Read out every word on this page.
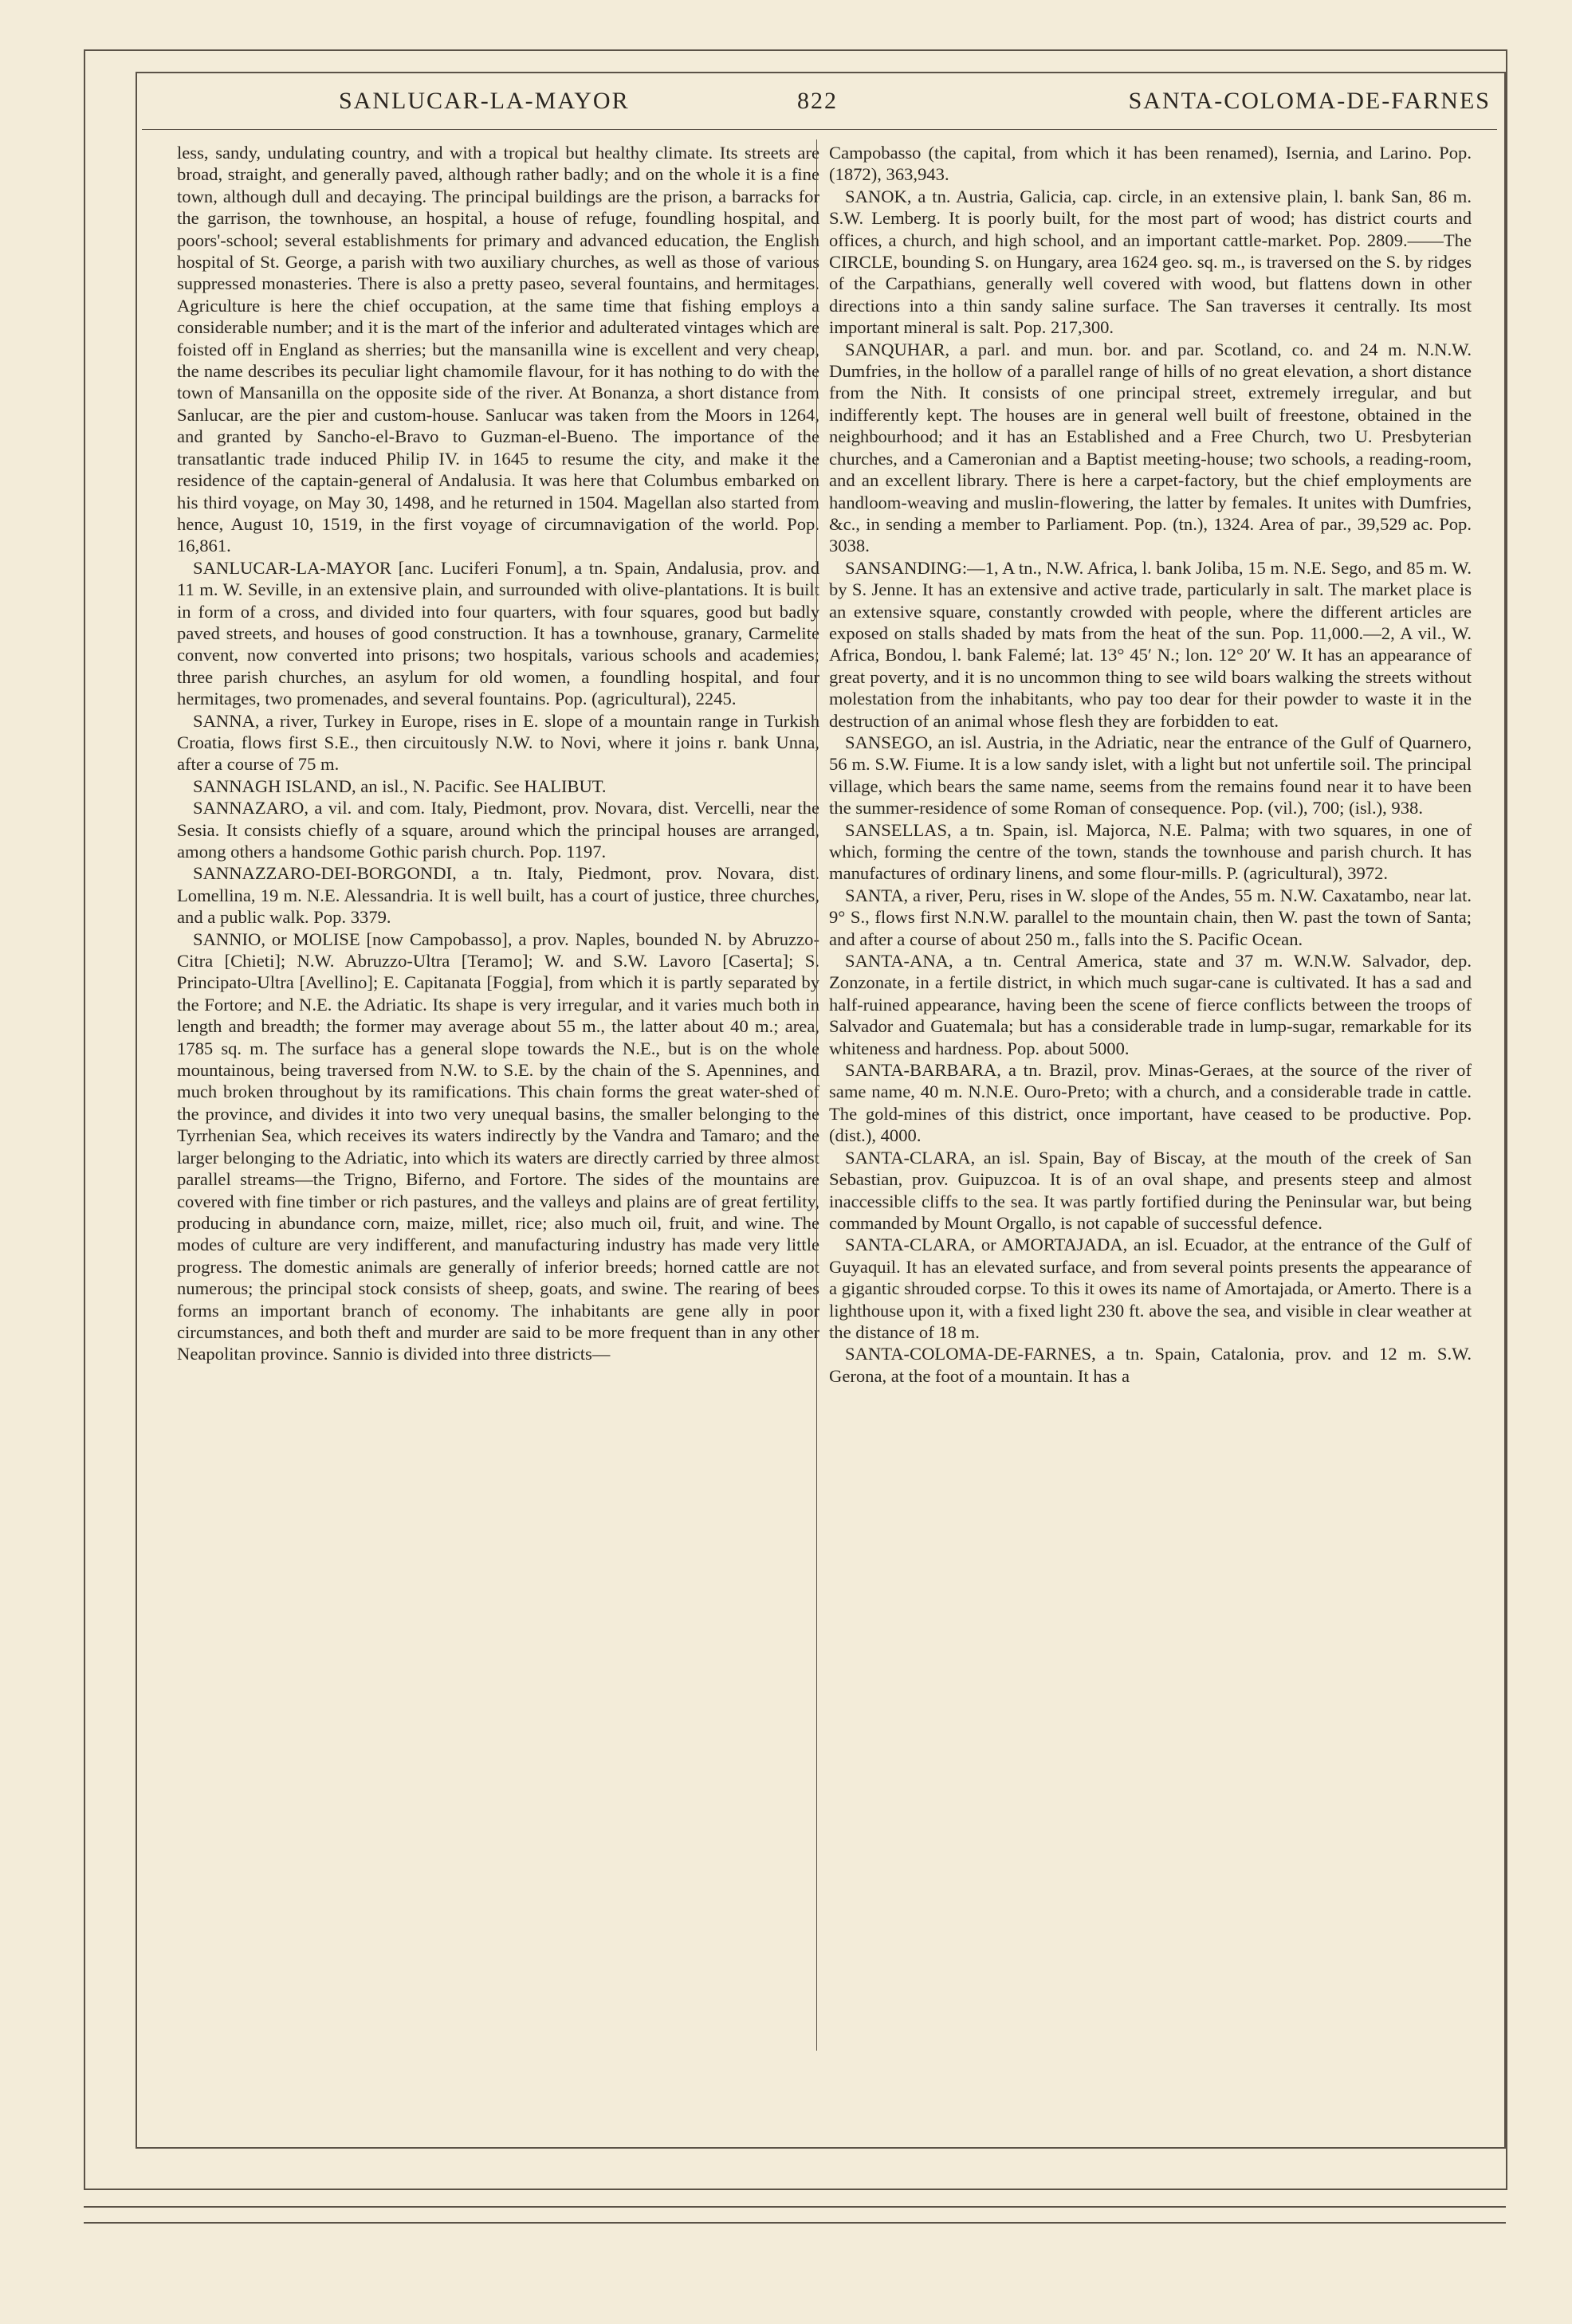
SANLUCAR-LA-MAYOR	822	SANTA-COLOMA-DE-FARNES

less, sandy, undulating country, and with a tropical but healthy climate. Its streets are broad, straight, and generally paved, although rather badly; and on the whole it is a fine town, although dull and decaying. The principal buildings are the prison, a barracks for the garrison, the townhouse, an hospital, a house of refuge, foundling hospital, and poors'-school; several establishments for primary and advanced education, the English hospital of St. George, a parish with two auxiliary churches, as well as those of various suppressed monasteries. There is also a pretty paseo, several fountains, and hermitages. Agriculture is here the chief occupation, at the same time that fishing employs a considerable number; and it is the mart of the inferior and adulterated vintages which are foisted off in England as sherries; but the mansanilla wine is excellent and very cheap, the name describes its peculiar light chamomile flavour, for it has nothing to do with the town of Mansanilla on the opposite side of the river. At Bonanza, a short distance from Sanlucar, are the pier and custom-house. Sanlucar was taken from the Moors in 1264, and granted by Sancho-el-Bravo to Guzman-el-Bueno. The importance of the transatlantic trade induced Philip IV. in 1645 to resume the city, and make it the residence of the captain-general of Andalusia. It was here that Columbus embarked on his third voyage, on May 30, 1498, and he returned in 1504. Magellan also started from hence, August 10, 1519, in the first voyage of circumnavigation of the world. Pop. 16,861.

SANLUCAR-LA-MAYOR [anc. Luciferi Fonum], a tn. Spain, Andalusia, prov. and 11 m. W. Seville, in an extensive plain, and surrounded with olive-plantations. It is built in form of a cross, and divided into four quarters, with four squares, good but badly paved streets, and houses of good construction. It has a townhouse, granary, Carmelite convent, now converted into prisons; two hospitals, various schools and academies; three parish churches, an asylum for old women, a foundling hospital, and four hermitages, two promenades, and several fountains. Pop. (agricultural), 2245.

SANNA, a river, Turkey in Europe, rises in E. slope of a mountain range in Turkish Croatia, flows first S.E., then circuitously N.W. to Novi, where it joins r. bank Unna, after a course of 75 m.

SANNAGH ISLAND, an isl., N. Pacific. See HALIBUT.

SANNAZARO, a vil. and com. Italy, Piedmont, prov. Novara, dist. Vercelli, near the Sesia. It consists chiefly of a square, around which the principal houses are arranged, among others a handsome Gothic parish church. Pop. 1197.

SANNAZZARO-DEI-BORGONDI, a tn. Italy, Piedmont, prov. Novara, dist. Lomellina, 19 m. N.E. Alessandria. It is well built, has a court of justice, three churches, and a public walk. Pop. 3379.

SANNIO, or MOLISE [now Campobasso], a prov. Naples, bounded N. by Abruzzo-Citra [Chieti]; N.W. Abruzzo-Ultra [Teramo]; W. and S.W. Lavoro [Caserta]; S. Principato-Ultra [Avellino]; E. Capitanata [Foggia], from which it is partly separated by the Fortore; and N.E. the Adriatic. Its shape is very irregular, and it varies much both in length and breadth; the former may average about 55 m., the latter about 40 m.; area, 1785 sq. m. The surface has a general slope towards the N.E., but is on the whole mountainous, being traversed from N.W. to S.E. by the chain of the S. Apennines, and much broken throughout by its ramifications. This chain forms the great water-shed of the province, and divides it into two very unequal basins, the smaller belonging to the Tyrrhenian Sea, which receives its waters indirectly by the Vandra and Tamaro; and the larger belonging to the Adriatic, into which its waters are directly carried by three almost parallel streams—the Trigno, Biferno, and Fortore. The sides of the mountains are covered with fine timber or rich pastures, and the valleys and plains are of great fertility, producing in abundance corn, maize, millet, rice; also much oil, fruit, and wine. The modes of culture are very indifferent, and manufacturing industry has made very little progress. The domestic animals are generally of inferior breeds; horned cattle are not numerous; the principal stock consists of sheep, goats, and swine. The rearing of bees forms an important branch of economy. The inhabitants are gene ally in poor circumstances, and both theft and murder are said to be more frequent than in any other Neapolitan province. Sannio is divided into three districts—

Campobasso (the capital, from which it has been renamed), Isernia, and Larino. Pop. (1872), 363,943.

SANOK, a tn. Austria, Galicia, cap. circle, in an extensive plain, l. bank San, 86 m. S.W. Lemberg. It is poorly built, for the most part of wood; has district courts and offices, a church, and high school, and an important cattle-market. Pop. 2809.——The CIRCLE, bounding S. on Hungary, area 1624 geo. sq. m., is traversed on the S. by ridges of the Carpathians, generally well covered with wood, but flattens down in other directions into a thin sandy saline surface. The San traverses it centrally. Its most important mineral is salt. Pop. 217,300.

SANQUHAR, a parl. and mun. bor. and par. Scotland, co. and 24 m. N.N.W. Dumfries, in the hollow of a parallel range of hills of no great elevation, a short distance from the Nith. It consists of one principal street, extremely irregular, and but indifferently kept. The houses are in general well built of freestone, obtained in the neighbourhood; and it has an Established and a Free Church, two U. Presbyterian churches, and a Cameronian and a Baptist meeting-house; two schools, a reading-room, and an excellent library. There is here a carpet-factory, but the chief employments are handloom-weaving and muslin-flowering, the latter by females. It unites with Dumfries, &c., in sending a member to Parliament. Pop. (tn.), 1324. Area of par., 39,529 ac. Pop. 3038.

SANSANDING:—1, A tn., N.W. Africa, l. bank Joliba, 15 m. N.E. Sego, and 85 m. W. by S. Jenne. It has an extensive and active trade, particularly in salt. The market place is an extensive square, constantly crowded with people, where the different articles are exposed on stalls shaded by mats from the heat of the sun. Pop. 11,000.—2, A vil., W. Africa, Bondou, l. bank Falemé; lat. 13° 45′ N.; lon. 12° 20′ W. It has an appearance of great poverty, and it is no uncommon thing to see wild boars walking the streets without molestation from the inhabitants, who pay too dear for their powder to waste it in the destruction of an animal whose flesh they are forbidden to eat.

SANSEGO, an isl. Austria, in the Adriatic, near the entrance of the Gulf of Quarnero, 56 m. S.W. Fiume. It is a low sandy islet, with a light but not unfertile soil. The principal village, which bears the same name, seems from the remains found near it to have been the summer-residence of some Roman of consequence. Pop. (vil.), 700; (isl.), 938.

SANSELLAS, a tn. Spain, isl. Majorca, N.E. Palma; with two squares, in one of which, forming the centre of the town, stands the townhouse and parish church. It has manufactures of ordinary linens, and some flour-mills. P. (agricultural), 3972.

SANTA, a river, Peru, rises in W. slope of the Andes, 55 m. N.W. Caxatambo, near lat. 9° S., flows first N.N.W. parallel to the mountain chain, then W. past the town of Santa; and after a course of about 250 m., falls into the S. Pacific Ocean.

SANTA-ANA, a tn. Central America, state and 37 m. W.N.W. Salvador, dep. Zonzonate, in a fertile district, in which much sugar-cane is cultivated. It has a sad and half-ruined appearance, having been the scene of fierce conflicts between the troops of Salvador and Guatemala; but has a considerable trade in lump-sugar, remarkable for its whiteness and hardness. Pop. about 5000.

SANTA-BARBARA, a tn. Brazil, prov. Minas-Geraes, at the source of the river of same name, 40 m. N.N.E. Ouro-Preto; with a church, and a considerable trade in cattle. The gold-mines of this district, once important, have ceased to be productive. Pop. (dist.), 4000.

SANTA-CLARA, an isl. Spain, Bay of Biscay, at the mouth of the creek of San Sebastian, prov. Guipuzcoa. It is of an oval shape, and presents steep and almost inaccessible cliffs to the sea. It was partly fortified during the Peninsular war, but being commanded by Mount Orgallo, is not capable of successful defence.

SANTA-CLARA, or AMORTAJADA, an isl. Ecuador, at the entrance of the Gulf of Guyaquil. It has an elevated surface, and from several points presents the appearance of a gigantic shrouded corpse. To this it owes its name of Amortajada, or Amerto. There is a lighthouse upon it, with a fixed light 230 ft. above the sea, and visible in clear weather at the distance of 18 m.

SANTA-COLOMA-DE-FARNES, a tn. Spain, Catalonia, prov. and 12 m. S.W. Gerona, at the foot of a mountain. It has a
